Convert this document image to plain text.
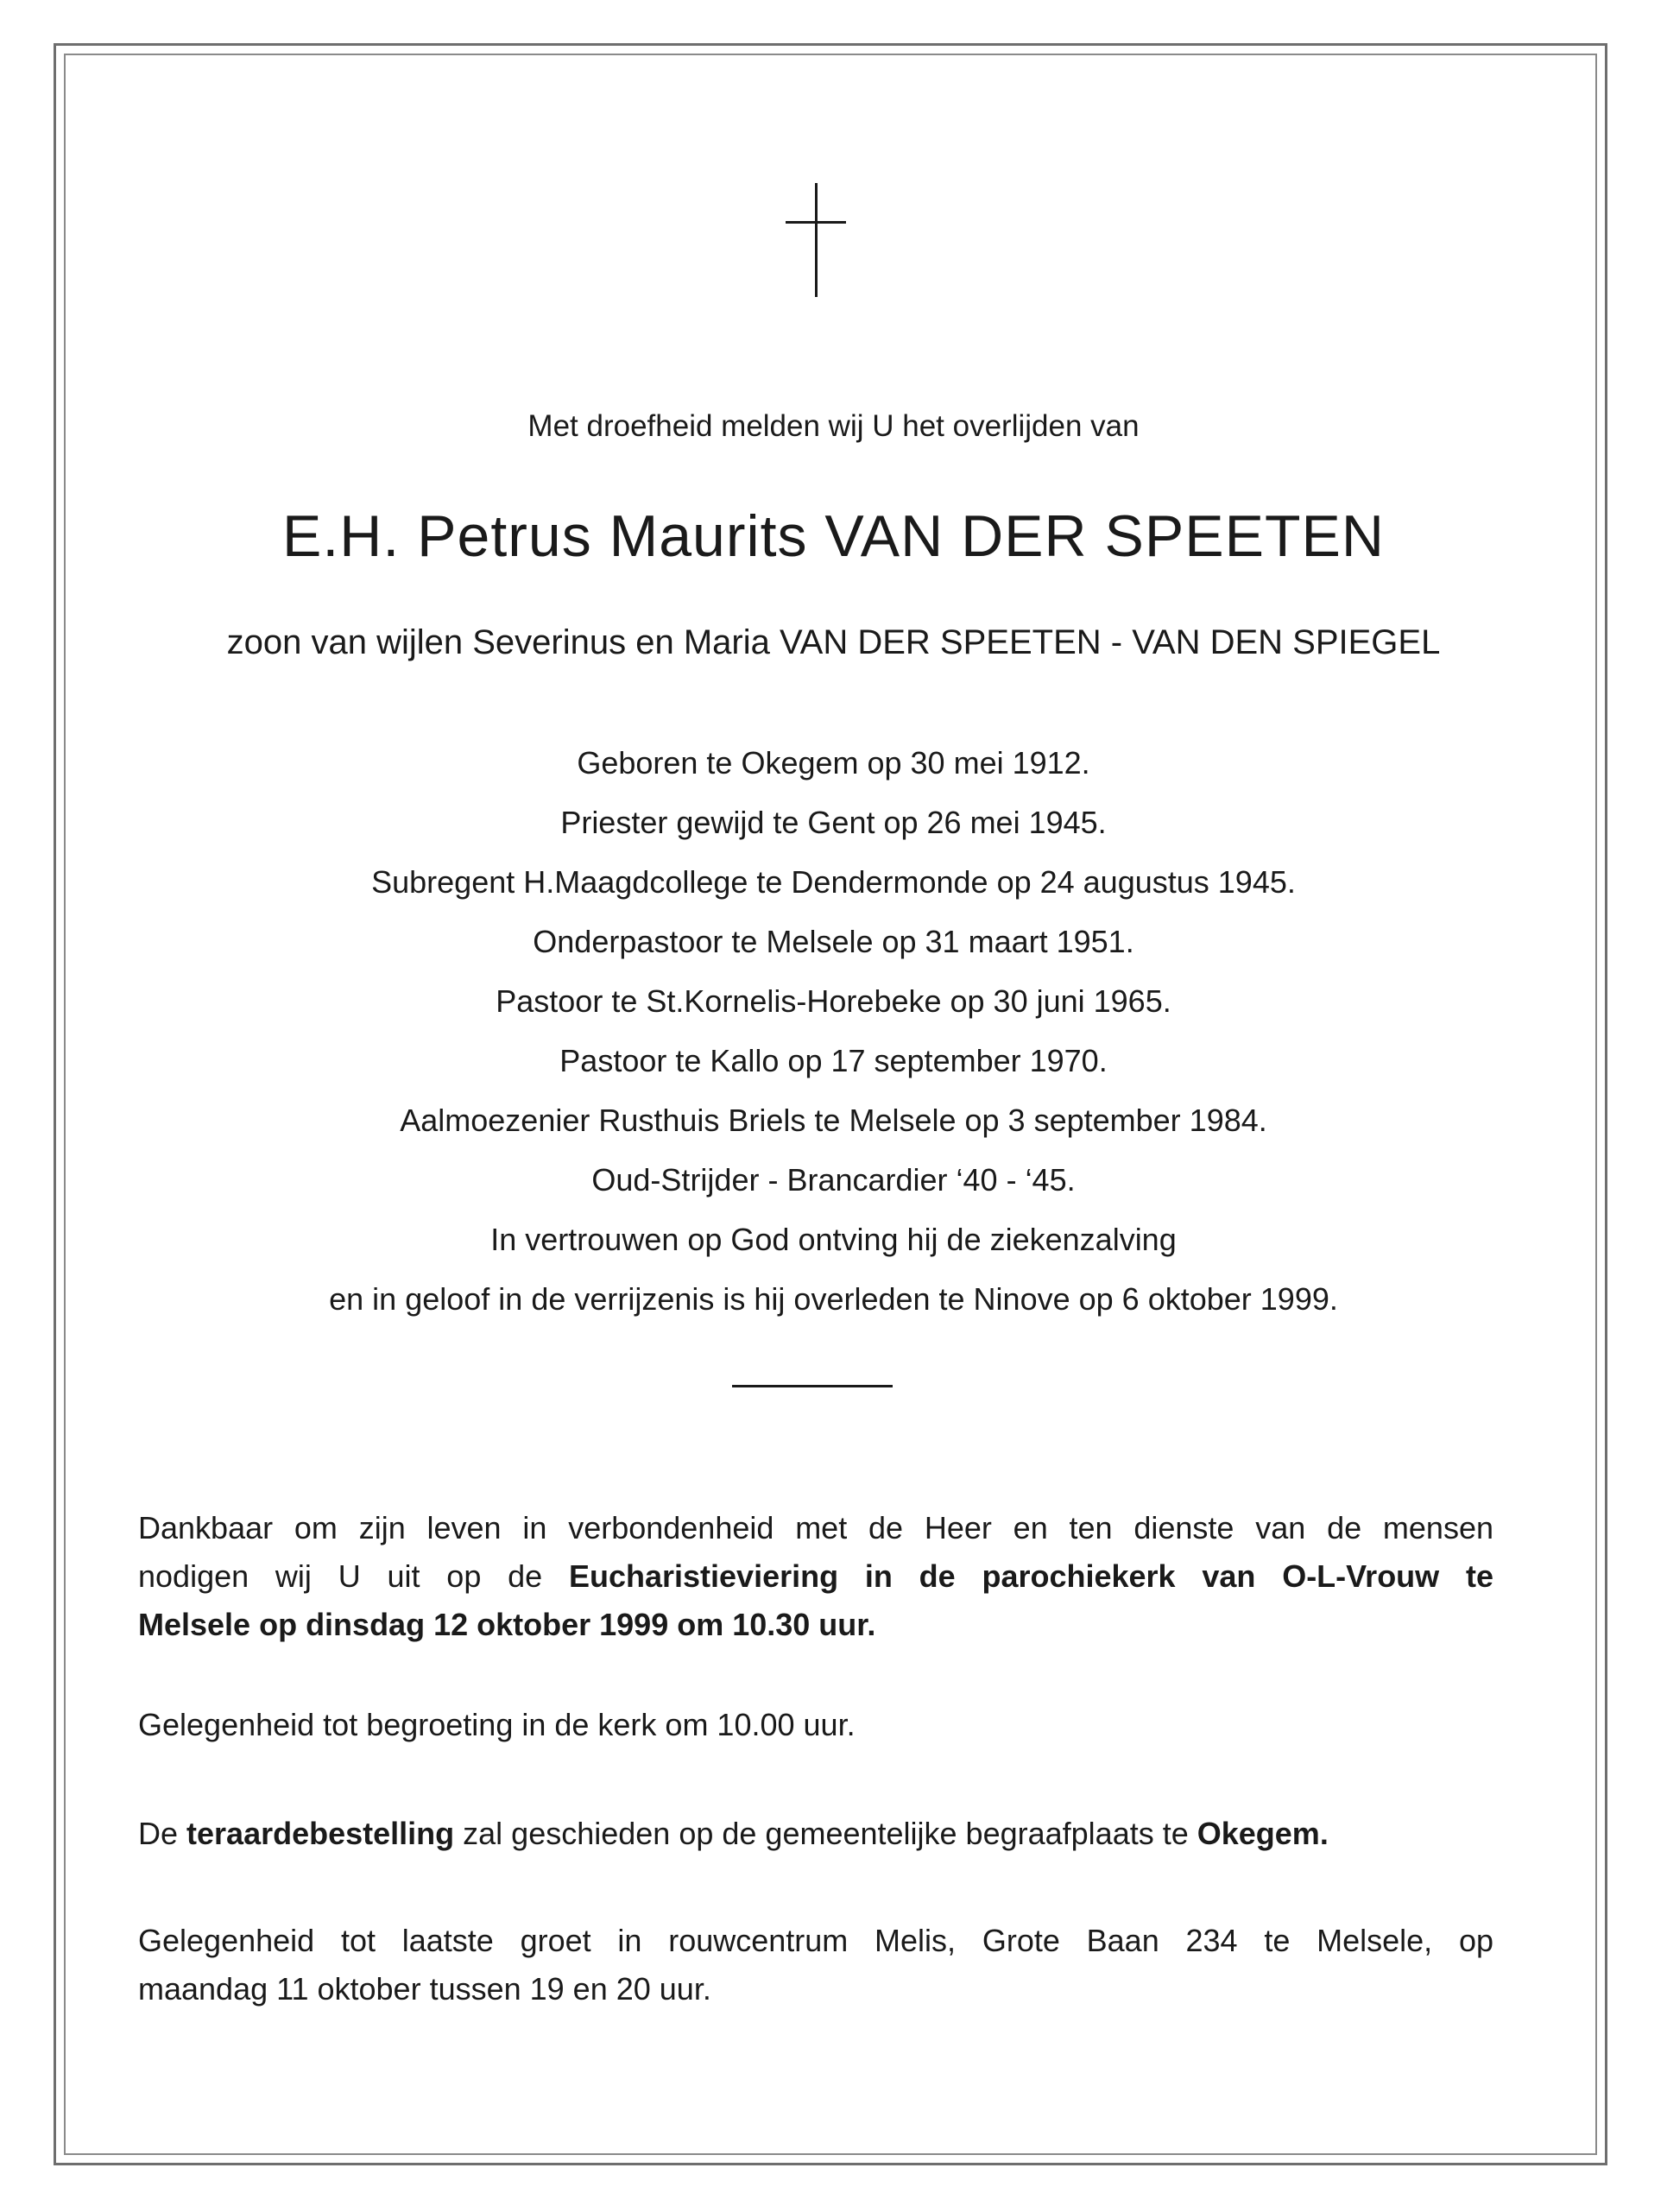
Met droefheid melden wij U het overlijden van
E.H. Petrus Maurits VAN DER SPEETEN
zoon van wijlen Severinus en Maria VAN DER SPEETEN - VAN DEN SPIEGEL
Geboren te Okegem op 30 mei 1912.
Priester gewijd te Gent op 26 mei 1945.
Subregent H.Maagdcollege te Dendermonde op 24 augustus 1945.
Onderpastoor te Melsele op 31 maart 1951.
Pastoor te St.Kornelis-Horebeke op 30 juni 1965.
Pastoor te Kallo op 17 september 1970.
Aalmoezenier Rusthuis Briels te Melsele op 3 september 1984.
Oud-Strijder - Brancardier ‘40 - ‘45.
In vertrouwen op God ontving hij de ziekenzalving
en in geloof in de verrijzenis is hij overleden te Ninove op 6 oktober 1999.
Dankbaar om zijn leven in verbondenheid met de Heer en ten dienste van de mensen
nodigen wij U uit op de Eucharistieviering in de parochiekerk van O-L-Vrouw te
Melsele op dinsdag 12 oktober 1999 om 10.30 uur.
Gelegenheid tot begroeting in de kerk om 10.00 uur.
De teraardebestelling zal geschieden op de gemeentelijke begraafplaats te Okegem.
Gelegenheid tot laatste groet in rouwcentrum Melis, Grote Baan 234 te Melsele, op
maandag 11 oktober tussen 19 en 20 uur.
